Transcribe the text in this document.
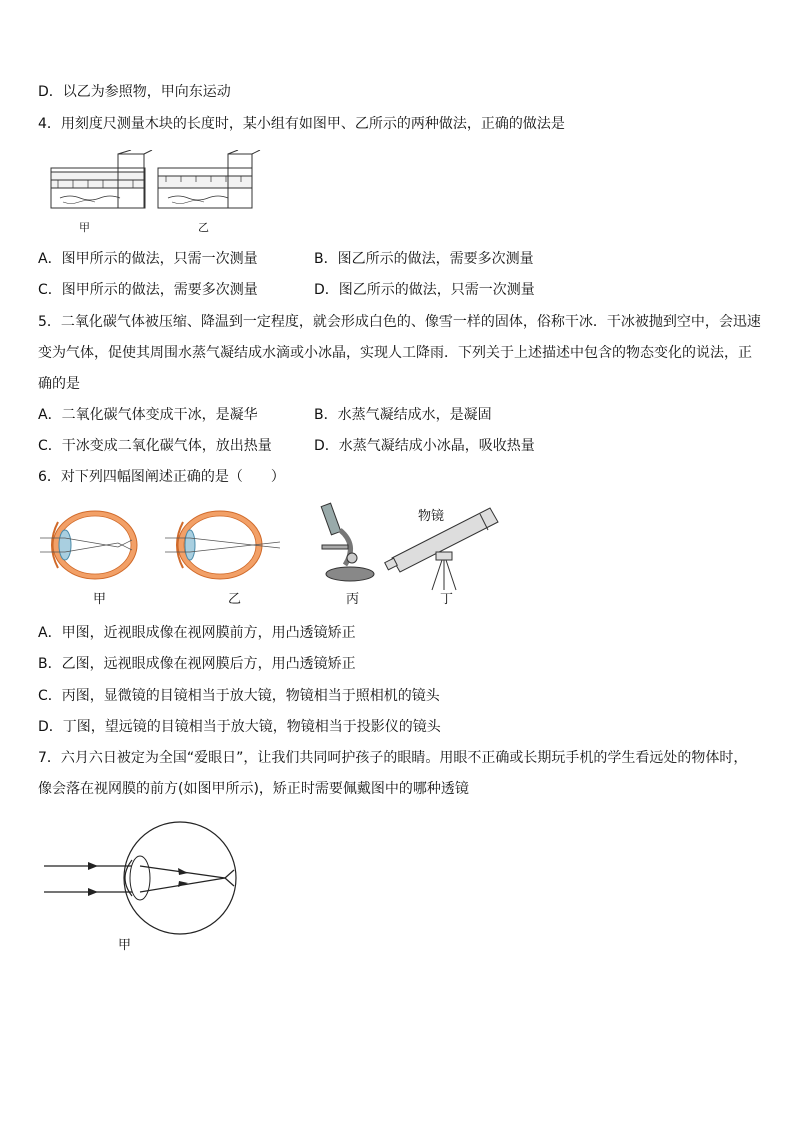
D．以乙为参照物，甲向东运动
4．用刻度尺测量木块的长度时，某小组有如图甲、乙所示的两种做法，正确的做法是
甲	乙
A．图甲所示的做法，只需一次测量	B．图乙所示的做法，需要多次测量
C．图甲所示的做法，需要多次测量	D．图乙所示的做法，只需一次测量
5．二氧化碳气体被压缩、降温到一定程度，就会形成白色的、像雪一样的固体，俗称干冰．干冰被抛到空中，会迅速
变为气体，促使其周围水蒸气凝结成水滴或小冰晶，实现人工降雨．下列关于上述描述中包含的物态变化的说法，正
确的是
A．二氧化碳气体变成干冰，是凝华	B．水蒸气凝结成水，是凝固
C．干冰变成二氧化碳气体，放出热量	D．水蒸气凝结成小冰晶，吸收热量
6．对下列四幅图阐述正确的是（　　）
物镜
甲	乙	丙	丁
A．甲图，近视眼成像在视网膜前方，用凸透镜矫正
B．乙图，远视眼成像在视网膜后方，用凸透镜矫正
C．丙图，显微镜的目镜相当于放大镜，物镜相当于照相机的镜头
D．丁图，望远镜的目镜相当于放大镜，物镜相当于投影仪的镜头
7．六月六日被定为全国“爱眼日”，让我们共同呵护孩子的眼睛。用眼不正确或长期玩手机的学生看远处的物体时，
像会落在视网膜的前方(如图甲所示)，矫正时需要佩戴图中的哪种透镜
甲
